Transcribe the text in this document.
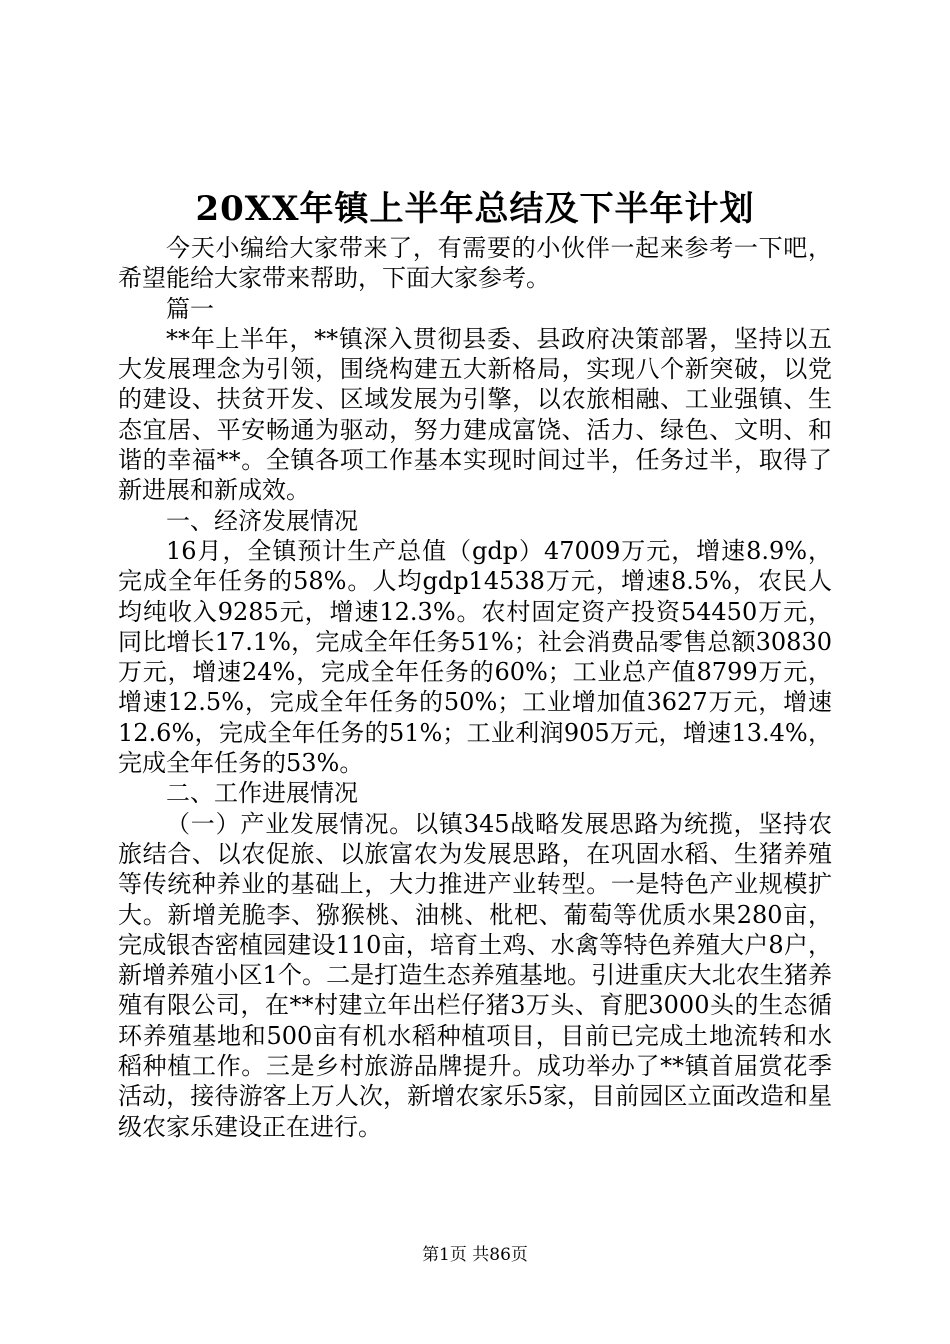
20XX年镇上半年总结及下半年计划

今天小编给大家带来了，有需要的小伙伴一起来参考一下吧，希望能给大家带来帮助，下面大家参考。

篇一

**年上半年，**镇深入贯彻县委、县政府决策部署，坚持以五大发展理念为引领，围绕构建五大新格局，实现八个新突破，以党的建设、扶贫开发、区域发展为引擎，以农旅相融、工业强镇、生态宜居、平安畅通为驱动，努力建成富饶、活力、绿色、文明、和谐的幸福**。全镇各项工作基本实现时间过半，任务过半，取得了新进展和新成效。

一、经济发展情况

16月，全镇预计生产总值（gdp）47009万元，增速8.9%，完成全年任务的58%。人均gdp14538万元，增速8.5%，农民人均纯收入9285元，增速12.3%。农村固定资产投资54450万元，同比增长17.1%，完成全年任务51%；社会消费品零售总额30830万元，增速24%，完成全年任务的60%；工业总产值8799万元，增速12.5%，完成全年任务的50%；工业增加值3627万元，增速12.6%，完成全年任务的51%；工业利润905万元，增速13.4%，完成全年任务的53%。

二、工作进展情况

（一）产业发展情况。以镇345战略发展思路为统揽，坚持农旅结合、以农促旅、以旅富农为发展思路，在巩固水稻、生猪养殖等传统种养业的基础上，大力推进产业转型。一是特色产业规模扩大。新增羌脆李、猕猴桃、油桃、枇杷、葡萄等优质水果280亩，完成银杏密植园建设110亩，培育土鸡、水禽等特色养殖大户8户，新增养殖小区1个。二是打造生态养殖基地。引进重庆大北农生猪养殖有限公司，在**村建立年出栏仔猪3万头、育肥3000头的生态循环养殖基地和500亩有机水稻种植项目，目前已完成土地流转和水稻种植工作。三是乡村旅游品牌提升。成功举办了**镇首届赏花季活动，接待游客上万人次，新增农家乐5家，目前园区立面改造和星级农家乐建设正在进行。

第1页 共86页
